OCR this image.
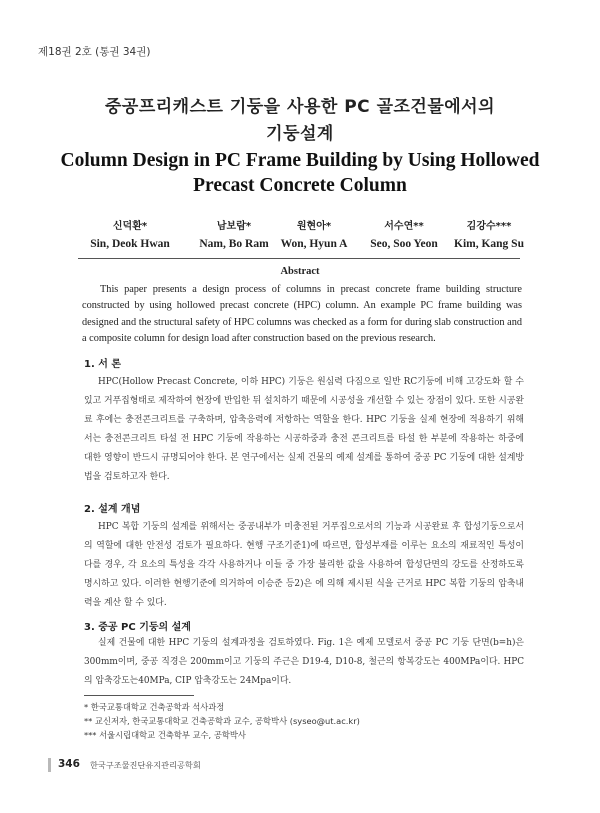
제18권 2호 (통권 34권)
중공프리캐스트 기둥을 사용한 PC 골조건물에서의
기둥설계
Column Design in PC Frame Building by Using Hollowed
Precast Concrete Column
신덕환*
Sin, Deok Hwan
남보람*
Nam, Bo Ram
원현아*
Won, Hyun A
서수연**
Seo, Soo Yeon
김강수***
Kim, Kang Su
Abstract
This paper presents a design process of columns in precast concrete frame building structure constructed by using hollowed precast concrete (HPC) column. An example PC frame building was designed and the structural safety of HPC columns was checked as a form for during slab construction and a composite column for design load after construction based on the previous research.
1. 서 론
HPC(Hollow Precast Concrete, 이하 HPC) 기둥은 원심력 다짐으로 일반 RC기둥에 비해 고강도화 할 수 있고 거푸집형태로 제작하여 현장에 반입한 뒤 설치하기 때문에 시공성을 개선할 수 있는 장점이 있다. 또한 시공완료 후에는 충전콘크리트를 구축하며, 압축응력에 저항하는 역할을 한다. HPC 기둥을 실제 현장에 적용하기 위해서는 충전콘크리트 타설 전 HPC 기둥에 작용하는 시공하중과 충전 콘크리트를 타설 한 부분에 작용하는 하중에 대한 영향이 반드시 규명되어야 한다. 본 연구에서는 실제 건물의 예제 설계를 통하여 중공 PC 기둥에 대한 설계방법을 검토하고자 한다.
2. 설계 개념
HPC 복합 기둥의 설계를 위해서는 중공내부가 미충전된 거푸집으로서의 기능과 시공완료 후 합성기둥으로서의 역할에 대한 안전성 검토가 필요하다. 현행 구조기준1)에 따르면, 합성부재를 이루는 요소의 재료적인 특성이 다를 경우, 각 요소의 특성을 각각 사용하거나 이들 중 가장 불리한 값을 사용하여 합성단면의 강도를 산정하도록 명시하고 있다. 이러한 현행기준에 의거하여 이승준 등2)은 에 의해 제시된 식을 근거로 HPC 복합 기둥의 압축내력을 계산 할 수 있다.
3. 중공 PC 기둥의 설계
실제 건물에 대한 HPC 기둥의 설계과정을 검토하였다. Fig. 1은 예제 모델로서 중공 PC 기둥 단면(b=h)은 300mm이며, 중공 직경은 200mm이고 기둥의 주근은 D19-4, D10-8, 철근의 항복강도는 400MPa이다. HPC의 압축강도는40MPa, CIP 압축강도는 24Mpa이다.
* 한국교통대학교 건축공학과 석사과정
** 교신저자, 한국교통대학교 건축공학과 교수, 공학박사 (syseo@ut.ac.kr)
*** 서울시립대학교 건축학부 교수, 공학박사
346 한국구조물진단유지관리공학회
